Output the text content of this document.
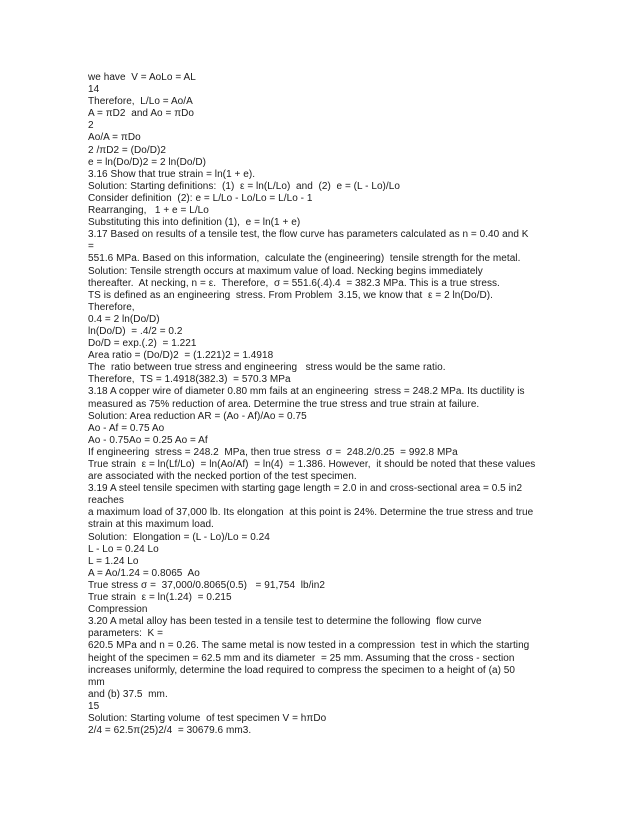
we have  V = AoLo = AL
14
Therefore,  L/Lo = Ao/A
A = πD2  and Ao = πDo
2
Ao/A = πDo
2 /πD2 = (Do/D)2
e = ln(Do/D)2 = 2 ln(Do/D)
3.16 Show that true strain = ln(1 + e).
Solution: Starting definitions:  (1)  ε = ln(L/Lo)  and  (2)  e = (L - Lo)/Lo
Consider definition  (2): e = L/Lo - Lo/Lo = L/Lo - 1
Rearranging,   1 + e = L/Lo
Substituting this into definition (1),  e = ln(1 + e)
3.17 Based on results of a tensile test, the flow curve has parameters calculated as n = 0.40 and K
=
551.6 MPa. Based on this information,  calculate the (engineering)  tensile strength for the metal.
Solution: Tensile strength occurs at maximum value of load. Necking begins immediately
thereafter.  At necking, n = ε.  Therefore,  σ = 551.6(.4).4  = 382.3 MPa. This is a true stress.
TS is defined as an engineering  stress. From Problem  3.15, we know that  ε = 2 ln(Do/D).
Therefore,
0.4 = 2 ln(Do/D)
ln(Do/D)  = .4/2 = 0.2
Do/D = exp.(.2)  = 1.221
Area ratio = (Do/D)2  = (1.221)2 = 1.4918
The  ratio between true stress and engineering   stress would be the same ratio.
Therefore,  TS = 1.4918(382.3)  = 570.3 MPa
3.18 A copper wire of diameter 0.80 mm fails at an engineering  stress = 248.2 MPa. Its ductility is
measured as 75% reduction of area. Determine the true stress and true strain at failure.
Solution: Area reduction AR = (Ao - Af)/Ao = 0.75
Ao - Af = 0.75 Ao
Ao - 0.75Ao = 0.25 Ao = Af
If engineering  stress = 248.2  MPa, then true stress  σ =  248.2/0.25  = 992.8 MPa
True strain  ε = ln(Lf/Lo)  = ln(Ao/Af)  = ln(4)  = 1.386. However,  it should be noted that these values
are associated with the necked portion of the test specimen.
3.19 A steel tensile specimen with starting gage length = 2.0 in and cross-sectional area = 0.5 in2
reaches
a maximum load of 37,000 lb. Its elongation  at this point is 24%. Determine the true stress and true
strain at this maximum load.
Solution:  Elongation = (L - Lo)/Lo = 0.24
L - Lo = 0.24 Lo
L = 1.24 Lo
A = Ao/1.24 = 0.8065  Ao
True stress σ =  37,000/0.8065(0.5)   = 91,754  lb/in2
True strain  ε = ln(1.24)  = 0.215
Compression
3.20 A metal alloy has been tested in a tensile test to determine the following  flow curve
parameters:  K =
620.5 MPa and n = 0.26. The same metal is now tested in a compression  test in which the starting
height of the specimen = 62.5 mm and its diameter  = 25 mm. Assuming that the cross - section
increases uniformly, determine the load required to compress the specimen to a height of (a) 50
mm
and (b) 37.5  mm.
15
Solution: Starting volume  of test specimen V = hπDo
2/4 = 62.5π(25)2/4  = 30679.6 mm3.
